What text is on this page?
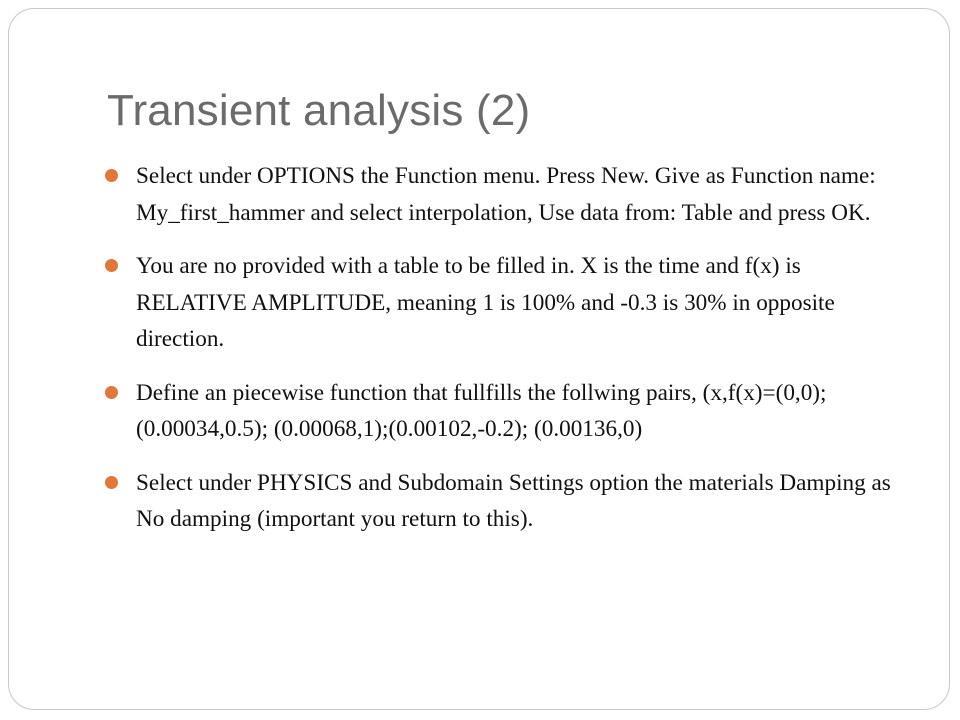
Transient analysis (2)
Select under OPTIONS the Function menu. Press New. Give as Function name: My_first_hammer and select interpolation, Use data from: Table and press OK.
You are no provided with a table to be filled in. X is the time and f(x) is RELATIVE AMPLITUDE, meaning 1 is 100% and -0.3 is 30% in opposite direction.
Define an piecewise function that fullfills the follwing pairs, (x,f(x)=(0,0);(0.00034,0.5); (0.00068,1);(0.00102,-0.2); (0.00136,0)
Select under PHYSICS and Subdomain Settings option the materials Damping as No damping (important you return to this).
